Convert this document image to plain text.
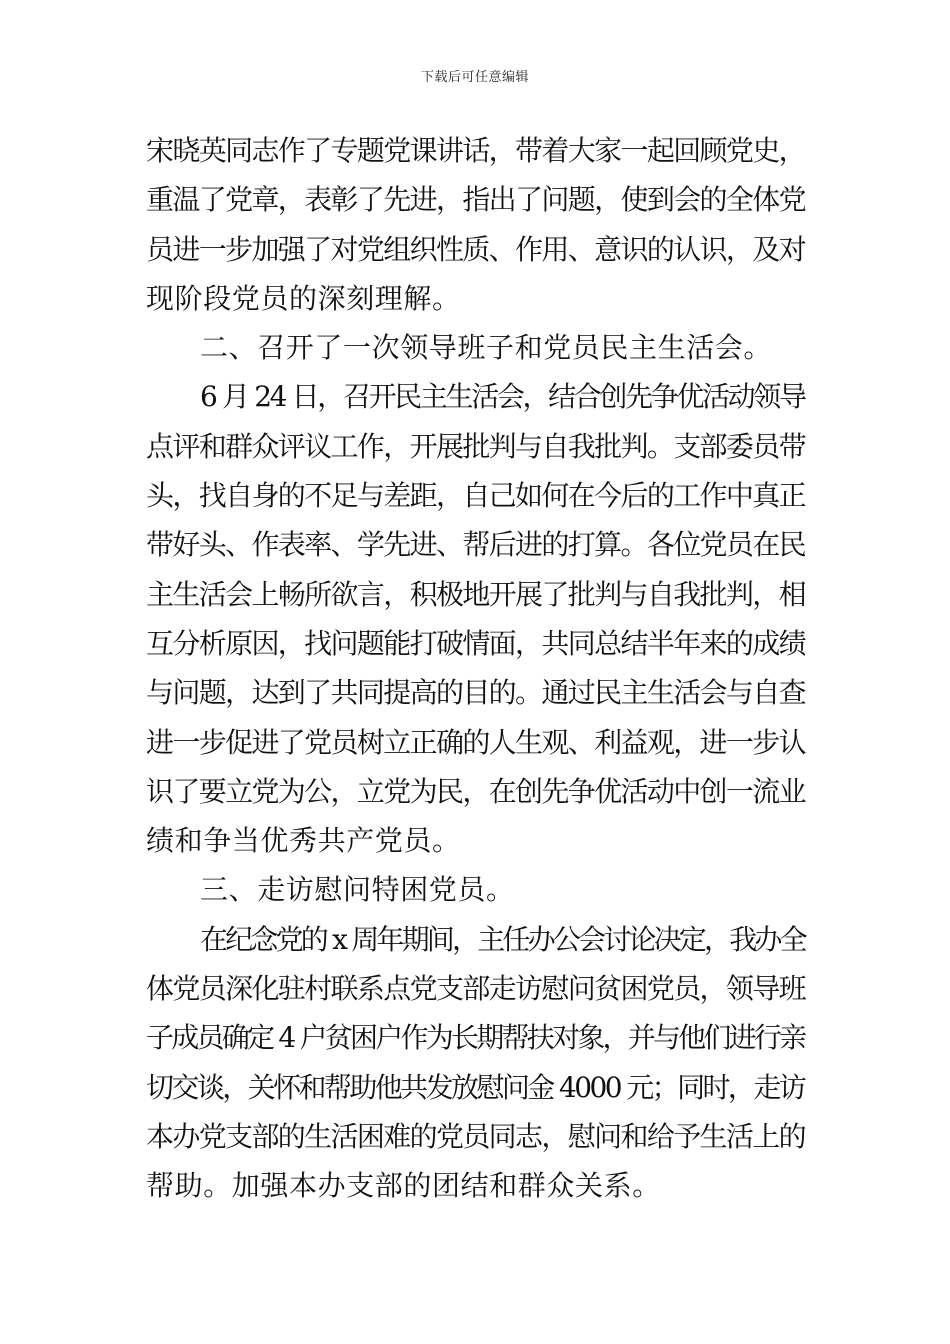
下载后可任意编辑
宋晓英同志作了专题党课讲话，带着大家一起回顾党史，
重温了党章，表彰了先进，指出了问题，使到会的全体党
员进一步加强了对党组织性质、作用、意识的认识，及对
现阶段党员的深刻理解。
二、召开了一次领导班子和党员民主生活会。
6 月 24 日，召开民主生活会，结合创先争优活动领导
点评和群众评议工作，开展批判与自我批判。支部委员带
头，找自身的不足与差距，自己如何在今后的工作中真正
带好头、作表率、学先进、帮后进的打算。各位党员在民
主生活会上畅所欲言，积极地开展了批判与自我批判，相
互分析原因，找问题能打破情面，共同总结半年来的成绩
与问题，达到了共同提高的目的。通过民主生活会与自查
进一步促进了党员树立正确的人生观、利益观，进一步认
识了要立党为公，立党为民，在创先争优活动中创一流业
绩和争当优秀共产党员。
三、走访慰问特困党员。
在纪念党的 x 周年期间，主任办公会讨论决定，我办全
体党员深化驻村联系点党支部走访慰问贫困党员，领导班
子成员确定 4 户贫困户作为长期帮扶对象，并与他们进行亲
切交谈，关怀和帮助他共发放慰问金 4000 元；同时，走访
本办党支部的生活困难的党员同志，慰问和给予生活上的
帮助。加强本办支部的团结和群众关系。
